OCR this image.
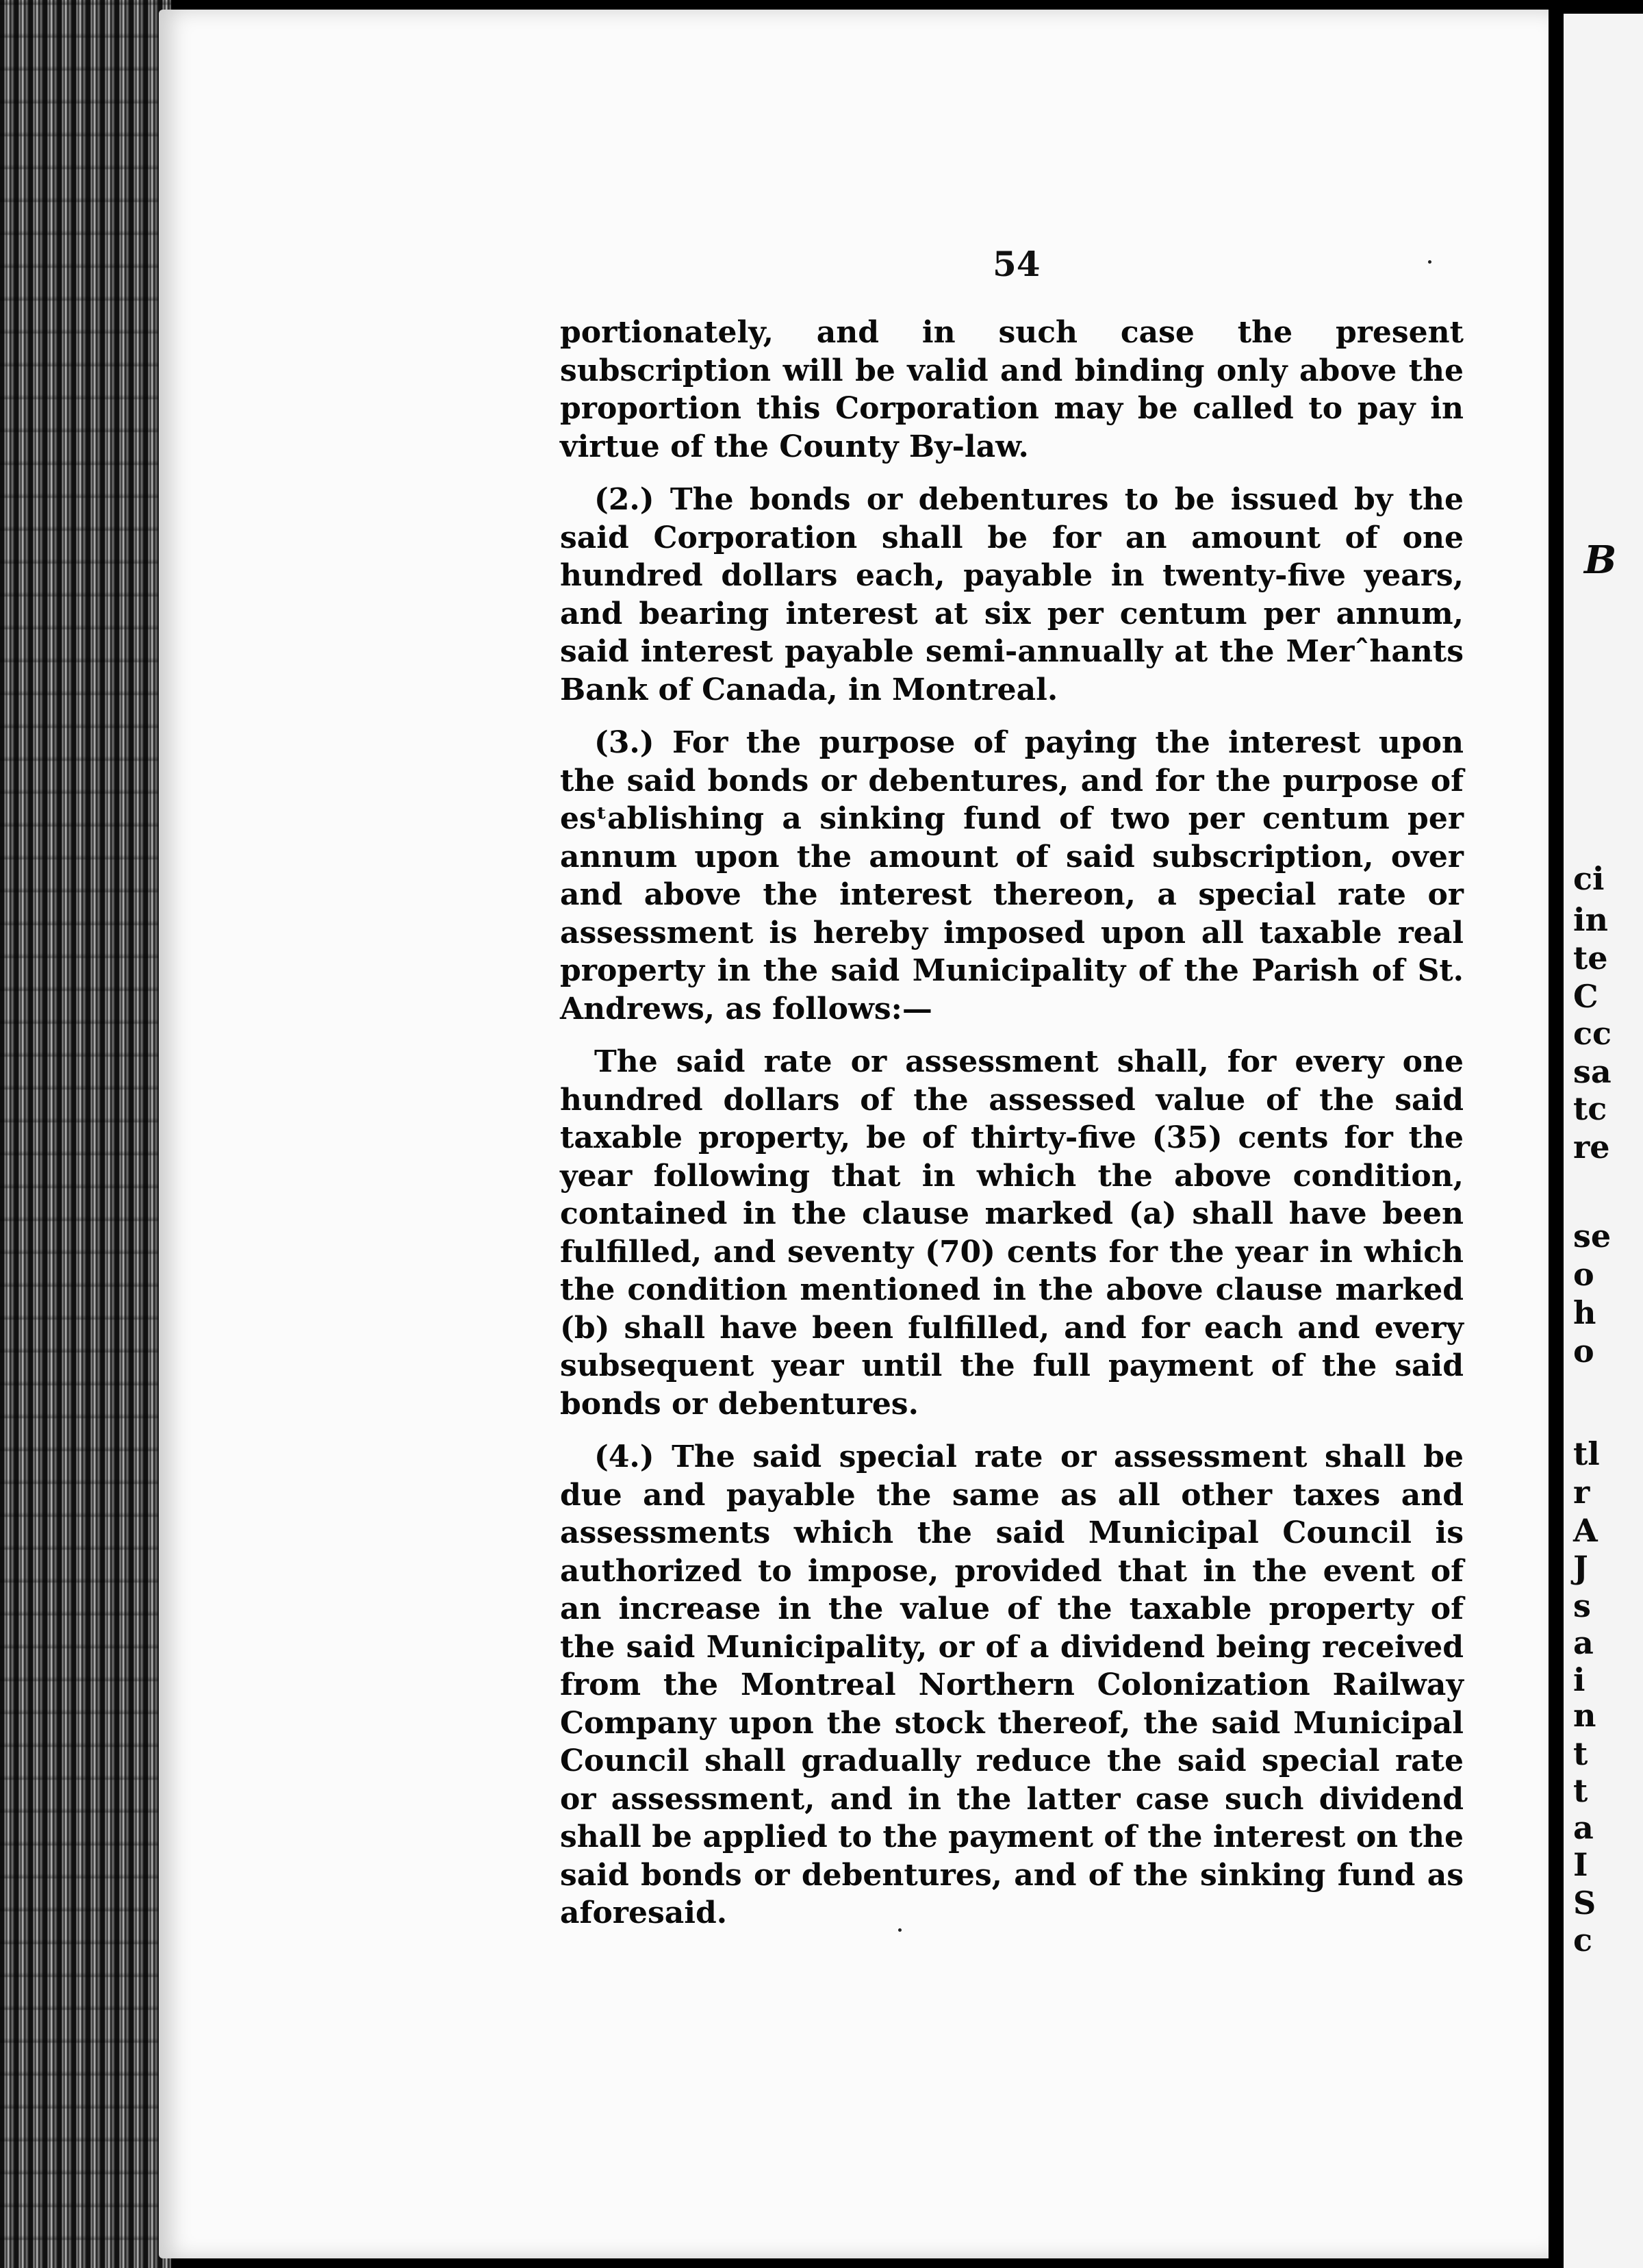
B
ci
in
te
C
cc
sa
tc
re
se
o
h
o
tl
r
A
J
s
a
i
n
t
t
a
I
S
c
54

portionately, and in such case the present subscription will be valid and binding only above the proportion this Corporation may be called to pay in virtue of the County By-law.

(2.) The bonds or debentures to be issued by the said Corporation shall be for an amount of one hundred dollars each, payable in twenty-five years, and bearing interest at six per centum per annum, said interest payable semi-annually at the Merˆhants Bank of Canada, in Montreal.

(3.) For the purpose of paying the interest upon the said bonds or debentures, and for the purpose of esᵗablishing a sinking fund of two per centum per annum upon the amount of said subscription, over and above the interest thereon, a special rate or assessment is hereby imposed upon all taxable real property in the said Municipality of the Parish of St. Andrews, as follows:—

The said rate or assessment shall, for every one hundred dollars of the assessed value of the said taxable property, be of thirty-five (35) cents for the year following that in which the above condition, contained in the clause marked (a) shall have been fulfilled, and seventy (70) cents for the year in which the condition mentioned in the above clause marked (b) shall have been fulfilled, and for each and every subsequent year until the full payment of the said bonds or debentures.

(4.) The said special rate or assessment shall be due and payable the same as all other taxes and assessments which the said Municipal Council is authorized to impose, provided that in the event of an increase in the value of the taxable property of the said Municipality, or of a dividend being received from the Montreal Northern Colonization Railway Company upon the stock thereof, the said Municipal Council shall gradually reduce the said special rate or assessment, and in the latter case such dividend shall be applied to the payment of the interest on the said bonds or debentures, and of the sinking fund as aforesaid.
